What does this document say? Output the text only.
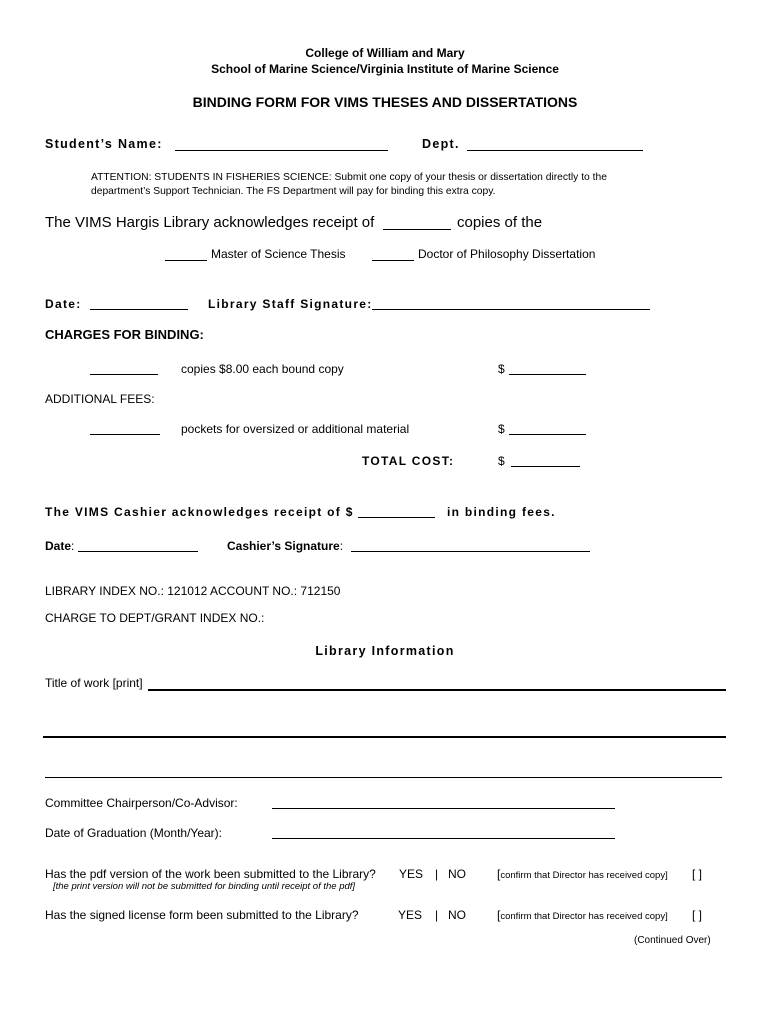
College of William and Mary
School of Marine Science/Virginia Institute of Marine Science
BINDING FORM FOR VIMS THESES AND DISSERTATIONS
Student’s Name:	Dept.
ATTENTION: STUDENTS IN FISHERIES SCIENCE: Submit one copy of your thesis or dissertation directly to the
department’s Support Technician. The FS Department will pay for binding this extra copy.
The VIMS Hargis Library acknowledges receipt of	copies of the
Master of Science Thesis	Doctor of Philosophy Dissertation
Date:	Library Staff Signature:
CHARGES FOR BINDING:
copies $8.00 each bound copy	$
ADDITIONAL FEES:
pockets for oversized or additional material	$
TOTAL COST:	$
The VIMS Cashier acknowledges receipt of $	in binding fees.
Date:	Cashier’s Signature:
LIBRARY INDEX NO.: 121012 ACCOUNT NO.: 712150
CHARGE TO DEPT/GRANT INDEX NO.:
Library Information
Title of work [print]
Committee Chairperson/Co-Advisor:
Date of Graduation (Month/Year):
Has the pdf version of the work been submitted to the Library? YES | NO	[confirm that Director has received copy] [ ]
[the print version will not be submitted for binding until receipt of the pdf]
Has the signed license form been submitted to the Library?	YES | NO	[confirm that Director has received copy] [ ]
(Continued Over)
